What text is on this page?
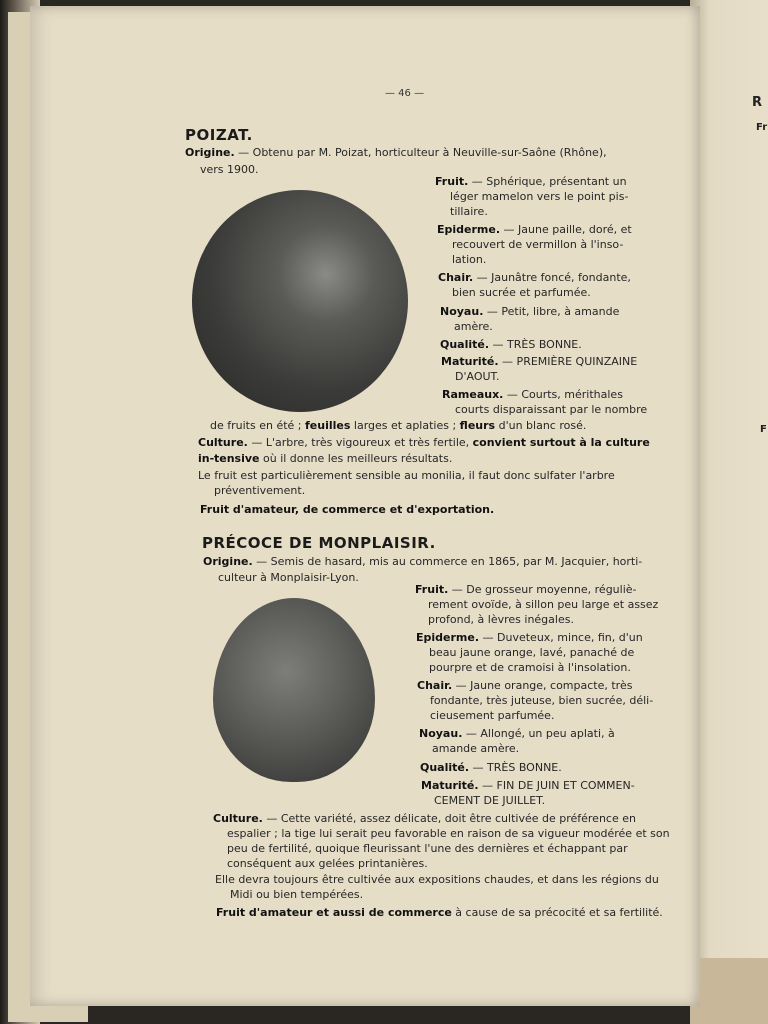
R
Fr
F
— 46 —
POIZAT.
Origine. — Obtenu par M. Poizat, horticulteur à Neuville-sur-Saône (Rhône),
vers 1900.
Fruit. — Sphérique, présentant un
léger mamelon vers le point pis-
tillaire.
Epiderme. — Jaune paille, doré, et
recouvert de vermillon à l'inso-
lation.
Chair. — Jaunâtre foncé, fondante,
bien sucrée et parfumée.
Noyau. — Petit, libre, à amande
amère.
Qualité. — TRÈS BONNE.
Maturité. — PREMIÈRE QUINZAINE
D'AOUT.
Rameaux. — Courts, mérithales
courts disparaissant par le nombre
de fruits en été ; feuilles larges et aplaties ; fleurs d'un blanc rosé.
Culture. — L'arbre, très vigoureux et très fertile, convient surtout à la culture in- tensive où il donne les meilleurs résultats.
Le fruit est particulièrement sensible au monilia, il faut donc sulfater l'arbre
préventivement.
Fruit d'amateur, de commerce et d'exportation.
PRÉCOCE DE MONPLAISIR.
Origine. — Semis de hasard, mis au commerce en 1865, par M. Jacquier, horti-
culteur à Monplaisir-Lyon.
Fruit. — De grosseur moyenne, réguliè-
rement ovoïde, à sillon peu large et assez
profond, à lèvres inégales.
Epiderme. — Duveteux, mince, fin, d'un
beau jaune orange, lavé, panaché de
pourpre et de cramoisi à l'insolation.
Chair. — Jaune orange, compacte, très
fondante, très juteuse, bien sucrée, déli-
cieusement parfumée.
Noyau. — Allongé, un peu aplati, à
amande amère.
Qualité. — TRÈS BONNE.
Maturité. — FIN DE JUIN ET COMMEN-
CEMENT DE JUILLET.
Culture. — Cette variété, assez délicate, doit être cultivée de préférence en
espalier ; la tige lui serait peu favorable en raison de sa vigueur modérée et son
peu de fertilité, quoique fleurissant l'une des dernières et échappant par
conséquent aux gelées printanières.
Elle devra toujours être cultivée aux expositions chaudes, et dans les régions du
Midi ou bien tempérées.
Fruit d'amateur et aussi de commerce à cause de sa précocité et sa fertilité.
